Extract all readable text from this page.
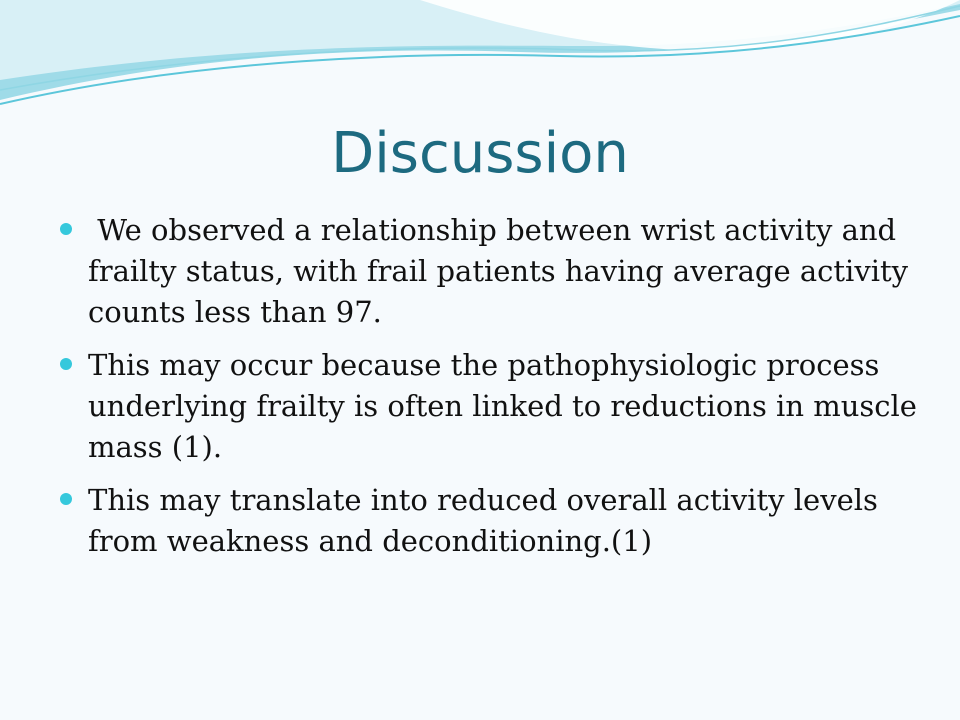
Discussion
We observed a relationship between wrist activity and frailty status, with frail patients having average activity counts less than 97.
This may occur because the pathophysiologic process underlying frailty is often linked to reductions in muscle mass (1).
This may translate into reduced overall activity levels from weakness and deconditioning.(1)
